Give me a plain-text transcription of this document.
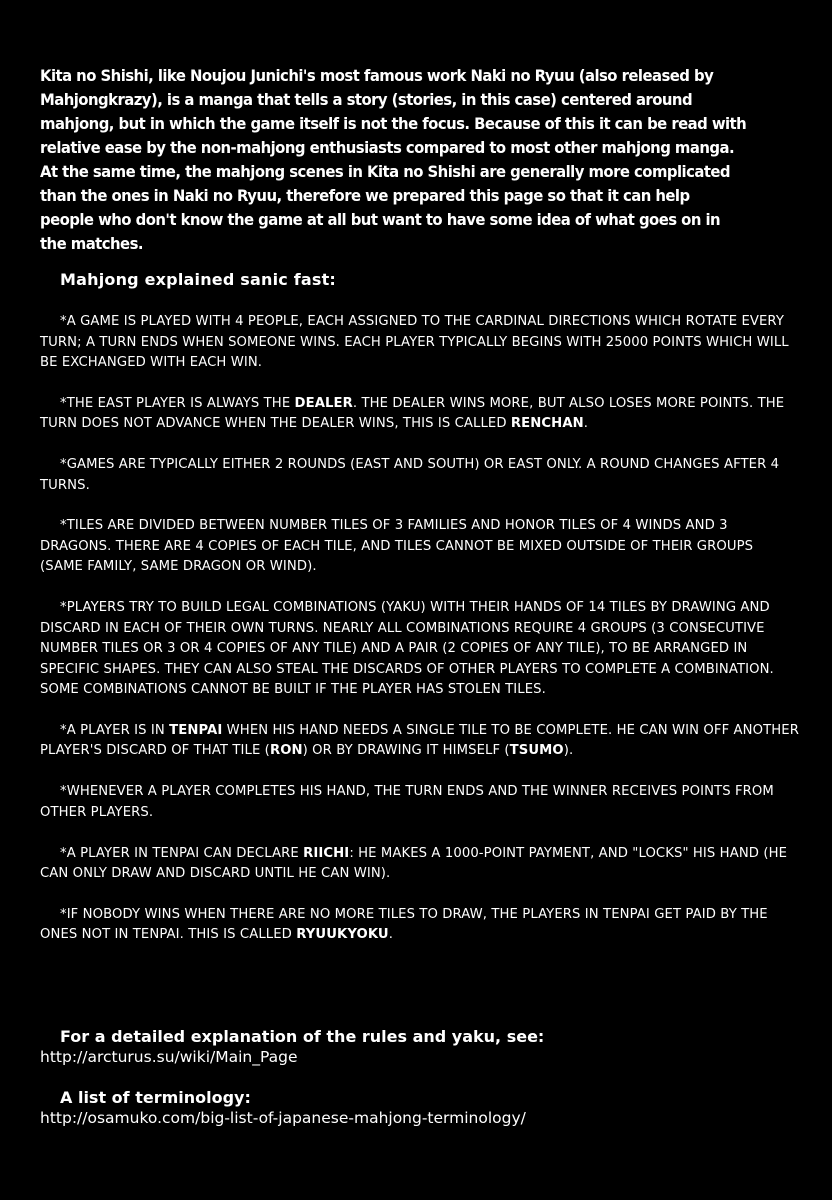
Kita no Shishi, like Noujou Junichi's most famous work Naki no Ryuu (also released by Mahjongkrazy), is a manga that tells a story (stories, in this case) centered around mahjong, but in which the game itself is not the focus. Because of this it can be read with relative ease by the non-mahjong enthusiasts compared to most other mahjong manga.

At the same time, the mahjong scenes in Kita no Shishi are generally more complicated than the ones in Naki no Ryuu, therefore we prepared this page so that it can help people who don't know the game at all but want to have some idea of what goes on in the matches.

Mahjong explained sanic fast:

*A GAME IS PLAYED WITH 4 PEOPLE, EACH ASSIGNED TO THE CARDINAL DIRECTIONS WHICH ROTATE EVERY TURN; A TURN ENDS WHEN SOMEONE WINS. EACH PLAYER TYPICALLY BEGINS WITH 25000 POINTS WHICH WILL BE EXCHANGED WITH EACH WIN.

*THE EAST PLAYER IS ALWAYS THE DEALER. THE DEALER WINS MORE, BUT ALSO LOSES MORE POINTS. THE TURN DOES NOT ADVANCE WHEN THE DEALER WINS, THIS IS CALLED RENCHAN.

*GAMES ARE TYPICALLY EITHER 2 ROUNDS (EAST AND SOUTH) OR EAST ONLY. A ROUND CHANGES AFTER 4 TURNS.

*TILES ARE DIVIDED BETWEEN NUMBER TILES OF 3 FAMILIES AND HONOR TILES OF 4 WINDS AND 3 DRAGONS. THERE ARE 4 COPIES OF EACH TILE, AND TILES CANNOT BE MIXED OUTSIDE OF THEIR GROUPS (SAME FAMILY, SAME DRAGON OR WIND).

*PLAYERS TRY TO BUILD LEGAL COMBINATIONS (YAKU) WITH THEIR HANDS OF 14 TILES BY DRAWING AND DISCARD IN EACH OF THEIR OWN TURNS. NEARLY ALL COMBINATIONS REQUIRE 4 GROUPS (3 CONSECUTIVE NUMBER TILES OR 3 OR 4 COPIES OF ANY TILE) AND A PAIR (2 COPIES OF ANY TILE), TO BE ARRANGED IN SPECIFIC SHAPES. THEY CAN ALSO STEAL THE DISCARDS OF OTHER PLAYERS TO COMPLETE A COMBINATION. SOME COMBINATIONS CANNOT BE BUILT IF THE PLAYER HAS STOLEN TILES.

*A PLAYER IS IN TENPAI WHEN HIS HAND NEEDS A SINGLE TILE TO BE COMPLETE. HE CAN WIN OFF ANOTHER PLAYER'S DISCARD OF THAT TILE (RON) OR BY DRAWING IT HIMSELF (TSUMO).

*WHENEVER A PLAYER COMPLETES HIS HAND, THE TURN ENDS AND THE WINNER RECEIVES POINTS FROM OTHER PLAYERS.

*A PLAYER IN TENPAI CAN DECLARE RIICHI: HE MAKES A 1000-POINT PAYMENT, AND "LOCKS" HIS HAND (HE CAN ONLY DRAW AND DISCARD UNTIL HE CAN WIN).

*IF NOBODY WINS WHEN THERE ARE NO MORE TILES TO DRAW, THE PLAYERS IN TENPAI GET PAID BY THE ONES NOT IN TENPAI. THIS IS CALLED RYUUKYOKU.

For a detailed explanation of the rules and yaku, see:
http://arcturus.su/wiki/Main_Page
A list of terminology:
http://osamuko.com/big-list-of-japanese-mahjong-terminology/
